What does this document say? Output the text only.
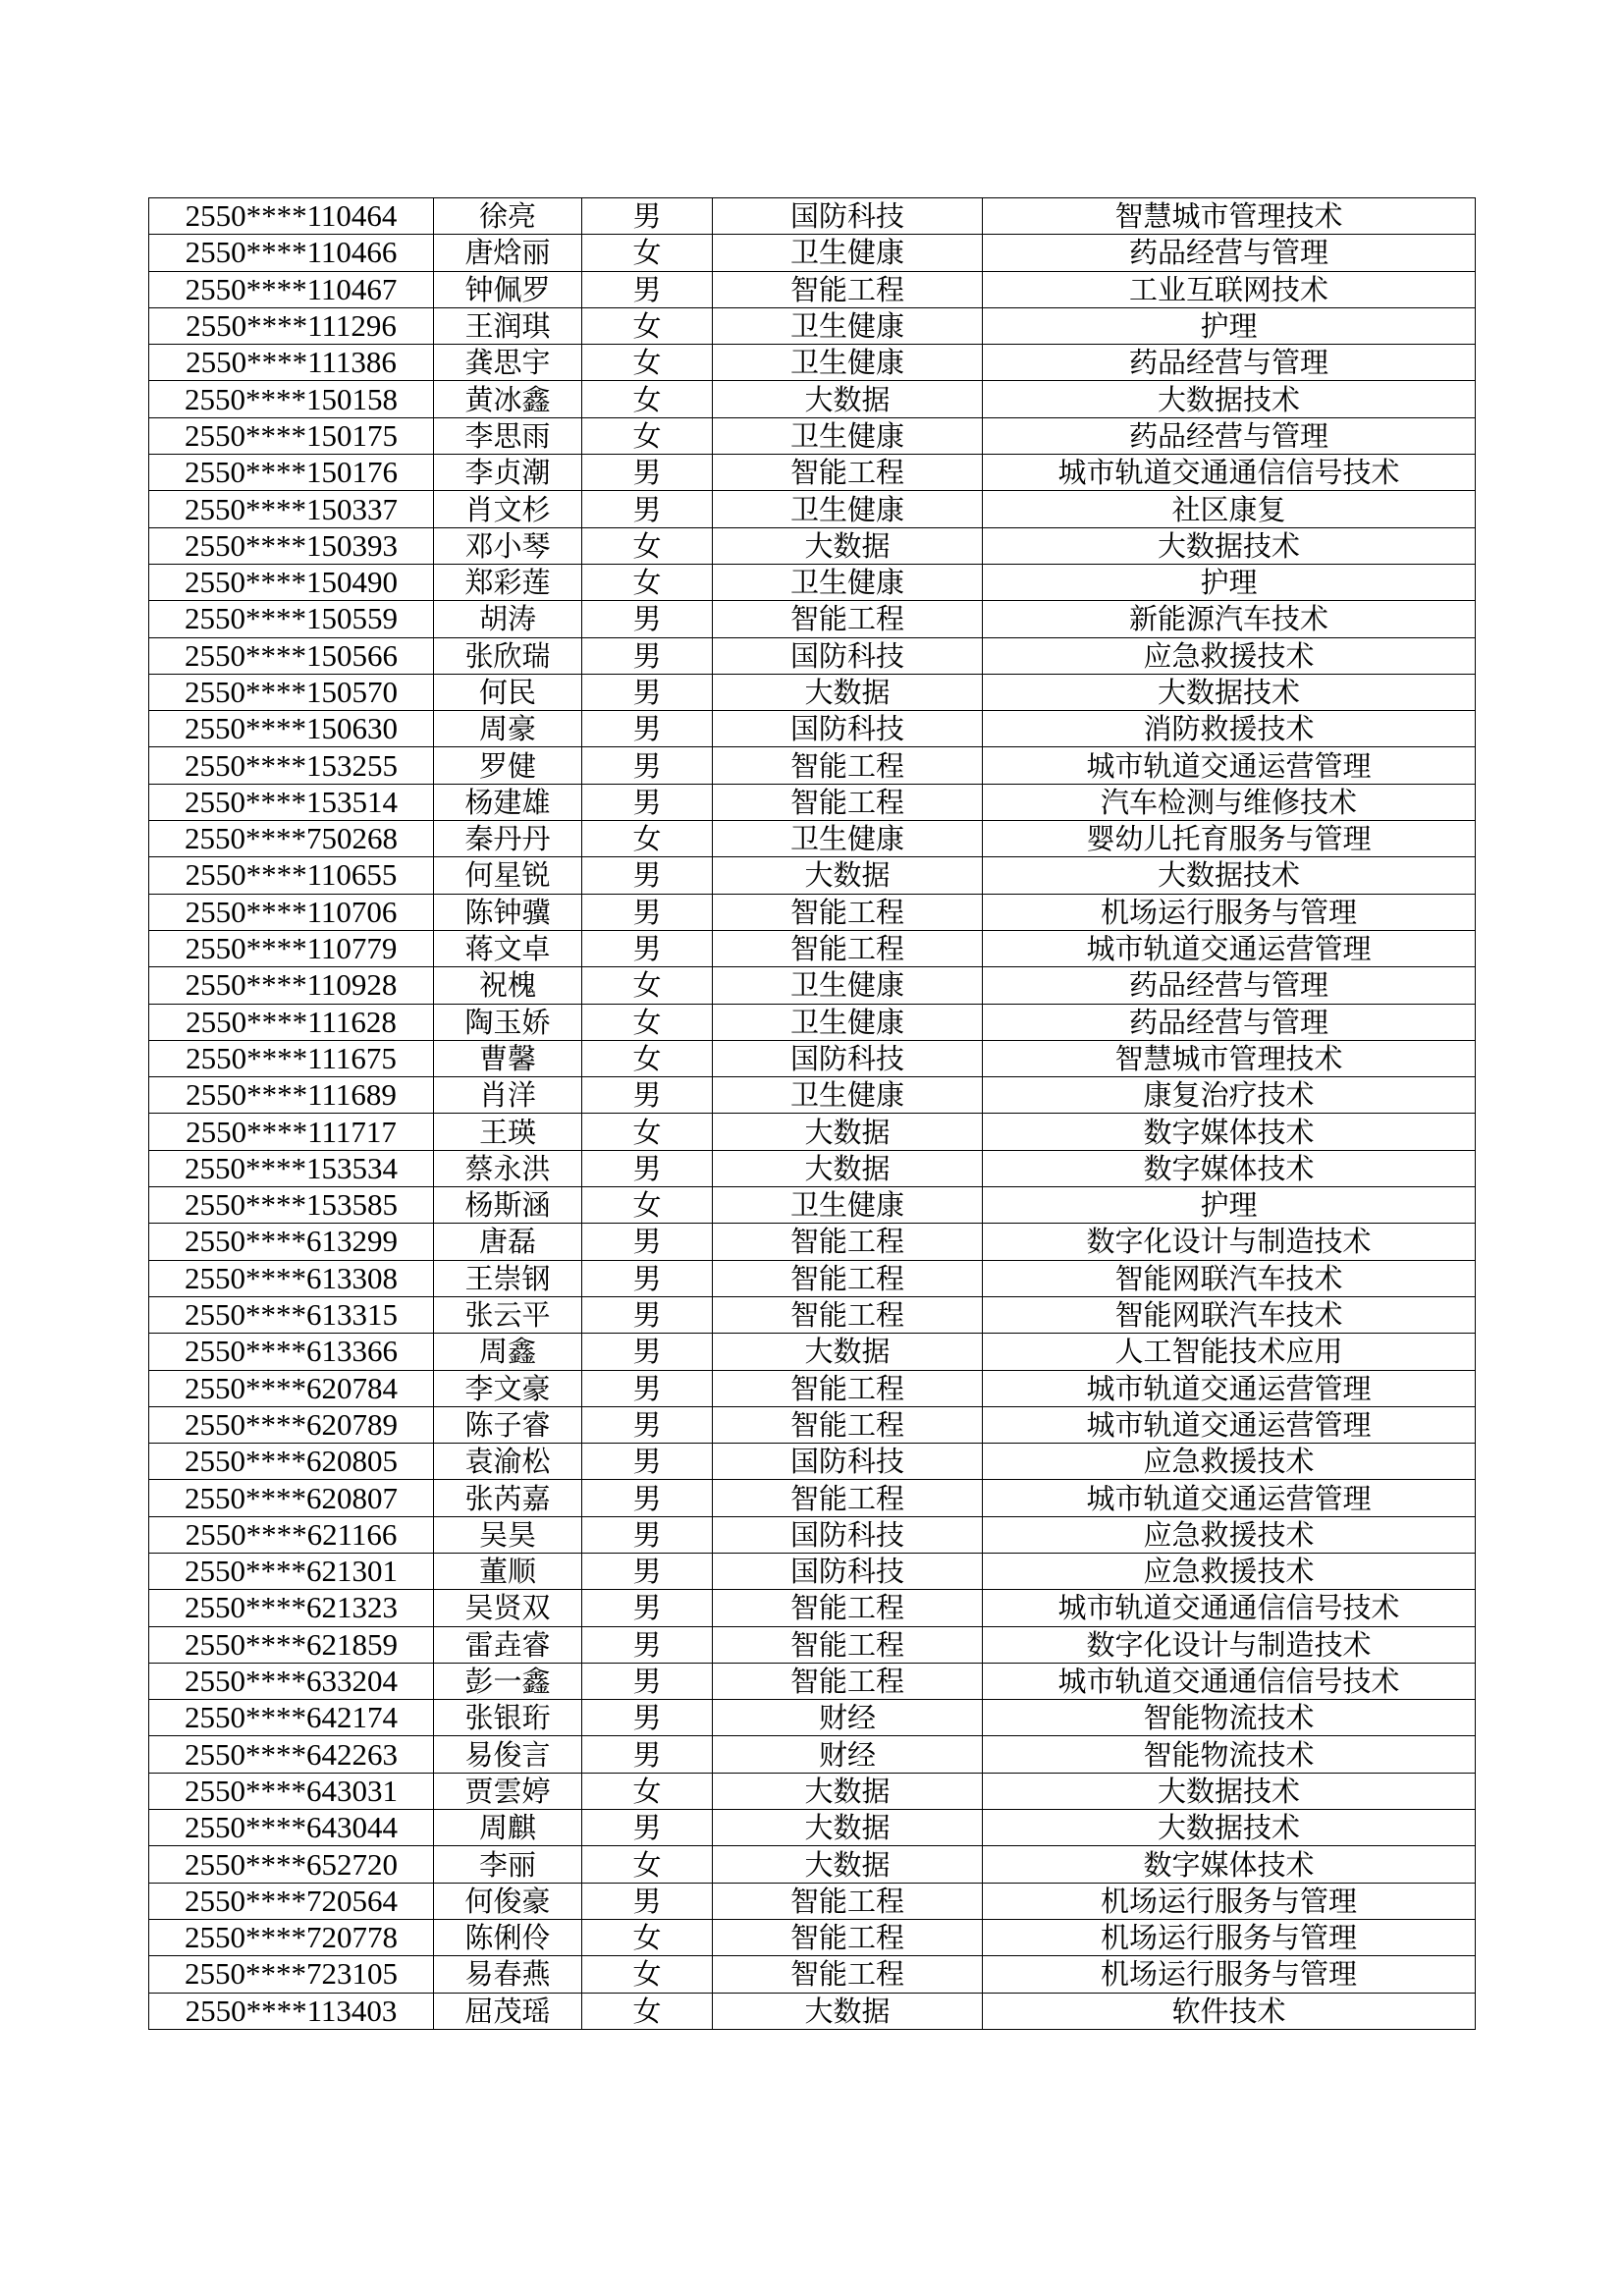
2550****110464	徐亮	男	国防科技	智慧城市管理技术
2550****110466	唐焓丽	女	卫生健康	药品经营与管理
2550****110467	钟佩罗	男	智能工程	工业互联网技术
2550****111296	王润琪	女	卫生健康	护理
2550****111386	龚思宇	女	卫生健康	药品经营与管理
2550****150158	黄冰鑫	女	大数据	大数据技术
2550****150175	李思雨	女	卫生健康	药品经营与管理
2550****150176	李贞潮	男	智能工程	城市轨道交通通信信号技术
2550****150337	肖文杉	男	卫生健康	社区康复
2550****150393	邓小琴	女	大数据	大数据技术
2550****150490	郑彩莲	女	卫生健康	护理
2550****150559	胡涛	男	智能工程	新能源汽车技术
2550****150566	张欣瑞	男	国防科技	应急救援技术
2550****150570	何民	男	大数据	大数据技术
2550****150630	周豪	男	国防科技	消防救援技术
2550****153255	罗健	男	智能工程	城市轨道交通运营管理
2550****153514	杨建雄	男	智能工程	汽车检测与维修技术
2550****750268	秦丹丹	女	卫生健康	婴幼儿托育服务与管理
2550****110655	何星锐	男	大数据	大数据技术
2550****110706	陈钟骥	男	智能工程	机场运行服务与管理
2550****110779	蒋文卓	男	智能工程	城市轨道交通运营管理
2550****110928	祝槐	女	卫生健康	药品经营与管理
2550****111628	陶玉娇	女	卫生健康	药品经营与管理
2550****111675	曹馨	女	国防科技	智慧城市管理技术
2550****111689	肖洋	男	卫生健康	康复治疗技术
2550****111717	王瑛	女	大数据	数字媒体技术
2550****153534	蔡永洪	男	大数据	数字媒体技术
2550****153585	杨斯涵	女	卫生健康	护理
2550****613299	唐磊	男	智能工程	数字化设计与制造技术
2550****613308	王崇钢	男	智能工程	智能网联汽车技术
2550****613315	张云平	男	智能工程	智能网联汽车技术
2550****613366	周鑫	男	大数据	人工智能技术应用
2550****620784	李文豪	男	智能工程	城市轨道交通运营管理
2550****620789	陈子睿	男	智能工程	城市轨道交通运营管理
2550****620805	袁渝松	男	国防科技	应急救援技术
2550****620807	张芮嘉	男	智能工程	城市轨道交通运营管理
2550****621166	吴昊	男	国防科技	应急救援技术
2550****621301	董顺	男	国防科技	应急救援技术
2550****621323	吴贤双	男	智能工程	城市轨道交通通信信号技术
2550****621859	雷垚睿	男	智能工程	数字化设计与制造技术
2550****633204	彭一鑫	男	智能工程	城市轨道交通通信信号技术
2550****642174	张银珩	男	财经	智能物流技术
2550****642263	易俊言	男	财经	智能物流技术
2550****643031	贾雲婷	女	大数据	大数据技术
2550****643044	周麒	男	大数据	大数据技术
2550****652720	李丽	女	大数据	数字媒体技术
2550****720564	何俊豪	男	智能工程	机场运行服务与管理
2550****720778	陈俐伶	女	智能工程	机场运行服务与管理
2550****723105	易春燕	女	智能工程	机场运行服务与管理
2550****113403	屈茂瑶	女	大数据	软件技术
